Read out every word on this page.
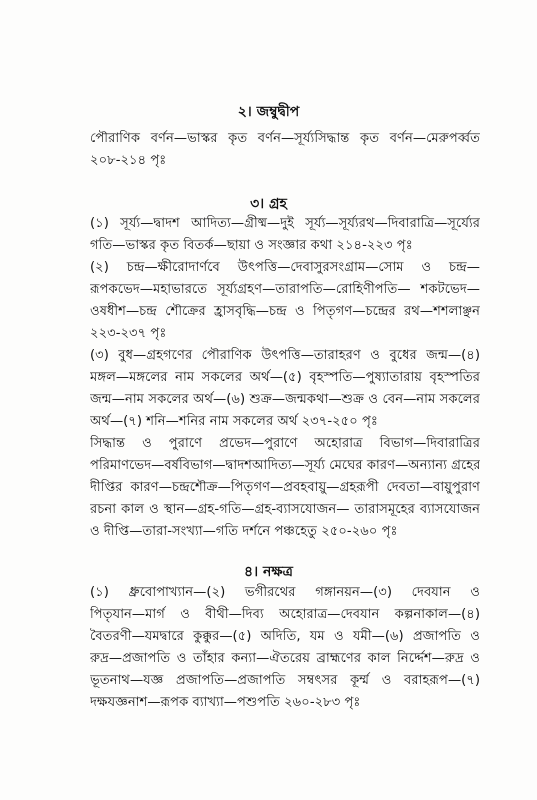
২। জম্বুদ্বীপ
পৌরাণিক বর্ণন—ভাস্কর কৃত বর্ণন—সূর্য্যসিদ্ধান্ত কৃত বর্ণন—মেরুপর্ব্বত
২০৮-২১৪ পৃঃ
৩। গ্রহ
(১) সূর্য্য—দ্বাদশ আদিত্য—গ্রীষ্ম—দুই সূর্য্য—সূর্য্যরথ—দিবারাত্রি—সূর্য্যের
গতি—ভাস্কর কৃত বিতর্ক—ছায়া ও সংজ্ঞার কথা ২১৪-২২৩ পৃঃ
(২) চন্দ্র—ক্ষীরোদার্ণবে উৎপত্তি—দেবাসুরসংগ্রাম—সোম ও চন্দ্র—
রূপকভেদ—মহাভারতে সূর্য্যগ্রহণ—তারাপতি—রোহিণীপতি— শকটভেদ—
ওষধীশ—চন্দ্র শৌক্রের হ্রাসবৃদ্ধি—চন্দ্র ও পিতৃগণ—চন্দ্রের রথ—শশলাঞ্ছন
২২৩-২৩৭ পৃঃ
(৩) বুধ—গ্রহগণের পৌরাণিক উৎপত্তি—তারাহরণ ও বুধের জন্ম—(৪)
মঙ্গল—মঙ্গলের নাম সকলের অর্থ—(৫) বৃহস্পতি—পুষ্যাতারায় বৃহস্পতির
জন্ম—নাম সকলের অর্থ—(৬) শুক্র—জন্মকথা—শুক্র ও বেন—নাম সকলের
অর্থ—(৭) শনি—শনির নাম সকলের অর্থ ২৩৭-২৫০ পৃঃ
সিদ্ধান্ত ও পুরাণে প্রভেদ—পুরাণে অহোরাত্র বিভাগ—দিবারাত্রির
পরিমাণভেদ—বর্ষবিভাগ—দ্বাদশআদিত্য—সূর্য্য মেঘের কারণ—অন্যান্য গ্রহের
দীপ্তির কারণ—চন্দ্রশৌক্র—পিতৃগণ—প্রবহবায়ু—গ্রহরূপী দেবতা—বায়ুপুরাণ
রচনা কাল ও স্থান—গ্রহ-গতি—গ্রহ-ব্যাসযোজন— তারাসমূহের ব্যাসযোজন
ও দীপ্তি—তারা-সংখ্যা—গতি দর্শনে পঞ্চহেতু ২৫০-২৬০ পৃঃ
৪। নক্ষত্র
(১) ধ্রুবোপাখ্যান—(২) ভগীরথের গঙ্গানয়ন—(৩) দেবযান ও
পিতৃযান—মার্গ ও বীথী—দিব্য অহোরাত্র—দেবযান কল্পনাকাল—(৪)
বৈতরণী—যমদ্বারে কুক্কুর—(৫) অদিতি, যম ও যমী—(৬) প্রজাপতি ও
রুদ্র—প্রজাপতি ও তাঁহার কন্যা—ঐতরেয় ব্রাহ্মণের কাল নির্দ্দেশ—রুদ্র ও
ভূতনাথ—যজ্ঞ প্রজাপতি—প্রজাপতি সম্বৎসর কূর্ম্ম ও বরাহরূপ—(৭)
দক্ষযজ্ঞনাশ—রূপক ব্যাখ্যা—পশুপতি ২৬০-২৮৩ পৃঃ
